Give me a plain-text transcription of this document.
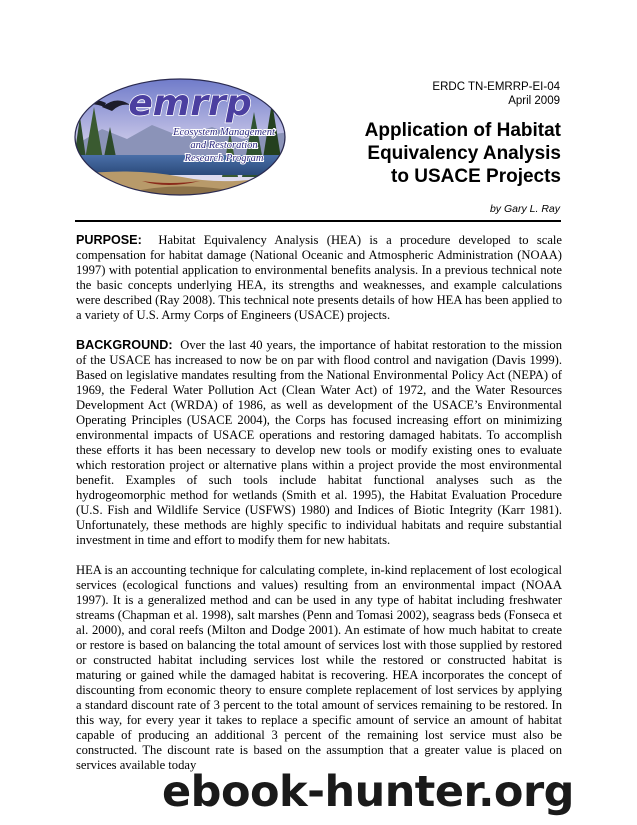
emrrp
Ecosystem Management
and Restoration
Research Program
ERDC TN-EMRRP-EI-04
April 2009
Application of Habitat
Equivalency Analysis
to USACE Projects
by Gary L. Ray

PURPOSE: Habitat Equivalency Analysis (HEA) is a procedure developed to scale compensation for habitat damage (National Oceanic and Atmospheric Administration (NOAA) 1997) with potential application to environmental benefits analysis. In a previous technical note the basic concepts underlying HEA, its strengths and weaknesses, and example calculations were described (Ray 2008). This technical note presents details of how HEA has been applied to a variety of U.S. Army Corps of Engineers (USACE) projects.

BACKGROUND: Over the last 40 years, the importance of habitat restoration to the mission of the USACE has increased to now be on par with flood control and navigation (Davis 1999). Based on legislative mandates resulting from the National Environmental Policy Act (NEPA) of 1969, the Federal Water Pollution Act (Clean Water Act) of 1972, and the Water Resources Development Act (WRDA) of 1986, as well as development of the USACE’s Environmental Operating Principles (USACE 2004), the Corps has focused increasing effort on minimizing environmental impacts of USACE operations and restoring damaged habitats. To accomplish these efforts it has been necessary to develop new tools or modify existing ones to evaluate which restoration project or alternative plans within a project provide the most environmental benefit. Examples of such tools include habitat functional analyses such as the hydrogeomorphic method for wetlands (Smith et al. 1995), the Habitat Evaluation Procedure (U.S. Fish and Wildlife Service (USFWS) 1980) and Indices of Biotic Integrity (Karr 1981). Unfortunately, these methods are highly specific to individual habitats and require substantial investment in time and effort to modify them for new habitats.

HEA is an accounting technique for calculating complete, in-kind replacement of lost ecological services (ecological functions and values) resulting from an environmental impact (NOAA 1997). It is a generalized method and can be used in any type of habitat including freshwater streams (Chapman et al. 1998), salt marshes (Penn and Tomasi 2002), seagrass beds (Fonseca et al. 2000), and coral reefs (Milton and Dodge 2001). An estimate of how much habitat to create or restore is based on balancing the total amount of services lost with those supplied by restored or constructed habitat including services lost while the restored or constructed habitat is maturing or gained while the damaged habitat is recovering. HEA incorporates the concept of discounting from economic theory to ensure complete replacement of lost services by applying a standard discount rate of 3 percent to the total amount of services remaining to be restored. In this way, for every year it takes to replace a specific amount of service an amount of habitat capable of producing an additional 3 percent of the remaining lost service must also be constructed. The discount rate is based on the assumption that a greater value is placed on services available today

ebook-hunter.org
